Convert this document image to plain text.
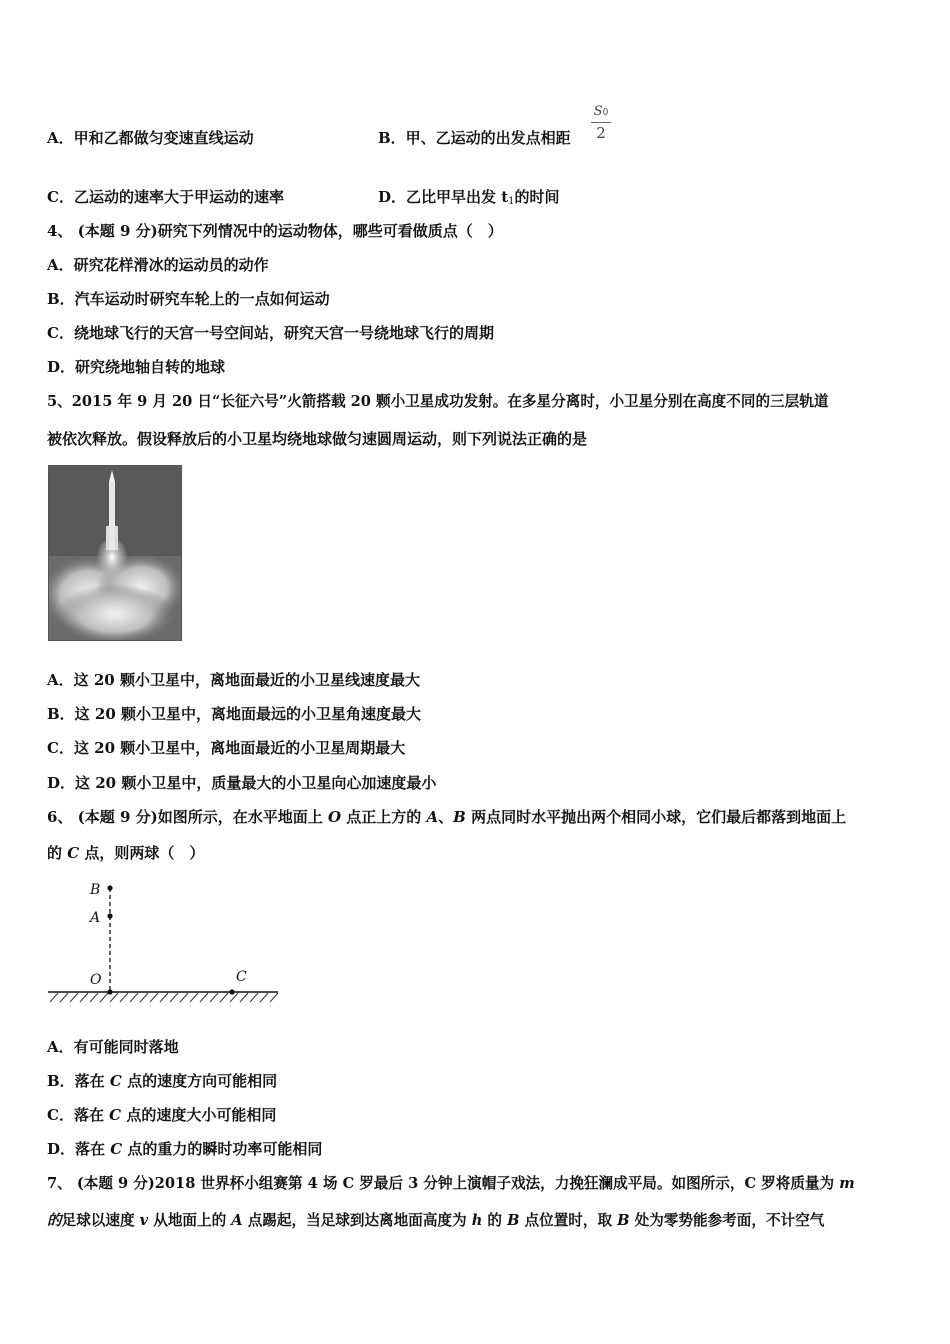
A．甲和乙都做匀变速直线运动	B．甲、乙运动的出发点相距
S0
2
C．乙运动的速率大于甲运动的速率	D．乙比甲早出发 $t_1$的时间
4、 (本题 9 分)研究下列情况中的运动物体，哪些可看做质点（　）
A．研究花样滑冰的运动员的动作
B．汽车运动时研究车轮上的一点如何运动
C．绕地球飞行的天宫一号空间站，研究天宫一号绕地球飞行的周期
D．研究绕地轴自转的地球
5、2015 年 9 月 20 日“长征六号”火箭搭载 20 颗小卫星成功发射。在多星分离时，小卫星分别在高度不同的三层轨道
被依次释放。假设释放后的小卫星均绕地球做匀速圆周运动，则下列说法正确的是
A．这 20 颗小卫星中，离地面最近的小卫星线速度最大
B．这 20 颗小卫星中，离地面最远的小卫星角速度最大
C．这 20 颗小卫星中，离地面最近的小卫星周期最大
D．这 20 颗小卫星中，质量最大的小卫星向心加速度最小
6、 (本题 9 分)如图所示，在水平地面上 O 点正上方的 A、B 两点同时水平抛出两个相同小球，它们最后都落到地面上
的 C 点，则两球（　）
B
A
O	C
A．有可能同时落地
B．落在 C 点的速度方向可能相同
C．落在 C 点的速度大小可能相同
D．落在 C 点的重力的瞬时功率可能相同
7、 (本题 9 分)2018 世界杯小组赛第 4 场 C 罗最后 3 分钟上演帽子戏法，力挽狂澜成平局。如图所示，C 罗将质量为 m
的足球以速度 v 从地面上的 A 点踢起，当足球到达离地面高度为 h 的 B 点位置时，取 B 处为零势能参考面，不计空气
